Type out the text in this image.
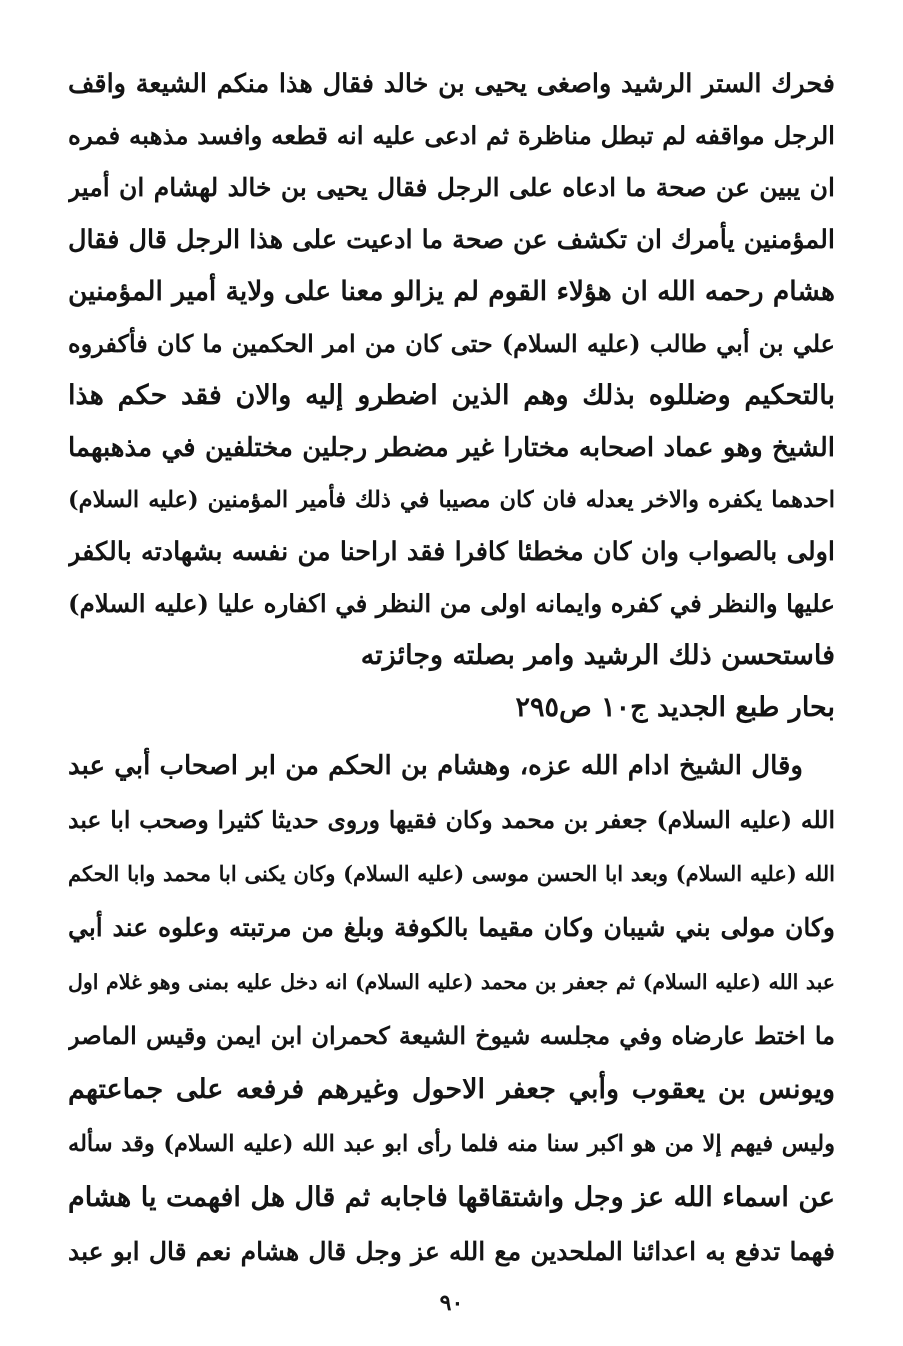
فحرك الستر الرشيد واصغى يحيى بن خالد فقال هذا منكم الشيعة واقف
الرجل مواقفه لم تبطل مناظرة ثم ادعى عليه انه قطعه وافسد مذهبه فمره
ان يبين عن صحة ما ادعاه على الرجل فقال يحيى بن خالد لهشام ان أمير
المؤمنين يأمرك ان تكشف عن صحة ما ادعيت على هذا الرجل قال فقال
هشام رحمه الله ان هؤلاء القوم لم يزالو معنا على ولاية أمير المؤمنين
علي بن أبي طالب (عليه السلام) حتى كان من امر الحكمين ما كان فأكفروه
بالتحكيم وضللوه بذلك وهم الذين اضطرو إليه والان فقد حكم هذا
الشيخ وهو عماد اصحابه مختارا غير مضطر رجلين مختلفين في مذهبهما
احدهما يكفره والاخر يعدله فان كان مصيبا في ذلك فأمير المؤمنين (عليه السلام)
اولى بالصواب وان كان مخطئا كافرا فقد اراحنا من نفسه بشهادته بالكفر
عليها والنظر في كفره وايمانه اولى من النظر في اكفاره عليا (عليه السلام)
فاستحسن ذلك الرشيد وامر بصلته وجائزته
بحار طبع الجديد ج١٠ ص٢٩٥
وقال الشيخ ادام الله عزه، وهشام بن الحكم من ابر اصحاب أبي عبد
الله (عليه السلام) جعفر بن محمد وكان فقيها وروى حديثا كثيرا وصحب ابا عبد
الله (عليه السلام) وبعد ابا الحسن موسى (عليه السلام) وكان يكنى ابا محمد وابا الحكم
وكان مولى بني شيبان وكان مقيما بالكوفة وبلغ من مرتبته وعلوه عند أبي
عبد الله (عليه السلام) ثم جعفر بن محمد (عليه السلام) انه دخل عليه بمنى وهو غلام اول
ما اختط عارضاه وفي مجلسه شيوخ الشيعة كحمران ابن ايمن وقيس الماصر
ويونس بن يعقوب وأبي جعفر الاحول وغيرهم فرفعه على جماعتهم
وليس فيهم إلا من هو اكبر سنا منه فلما رأى ابو عبد الله (عليه السلام) وقد سأله
عن اسماء الله عز وجل واشتقاقها فاجابه ثم قال هل افهمت يا هشام
فهما تدفع به اعدائنا الملحدين مع الله عز وجل قال هشام نعم قال ابو عبد
٩٠
